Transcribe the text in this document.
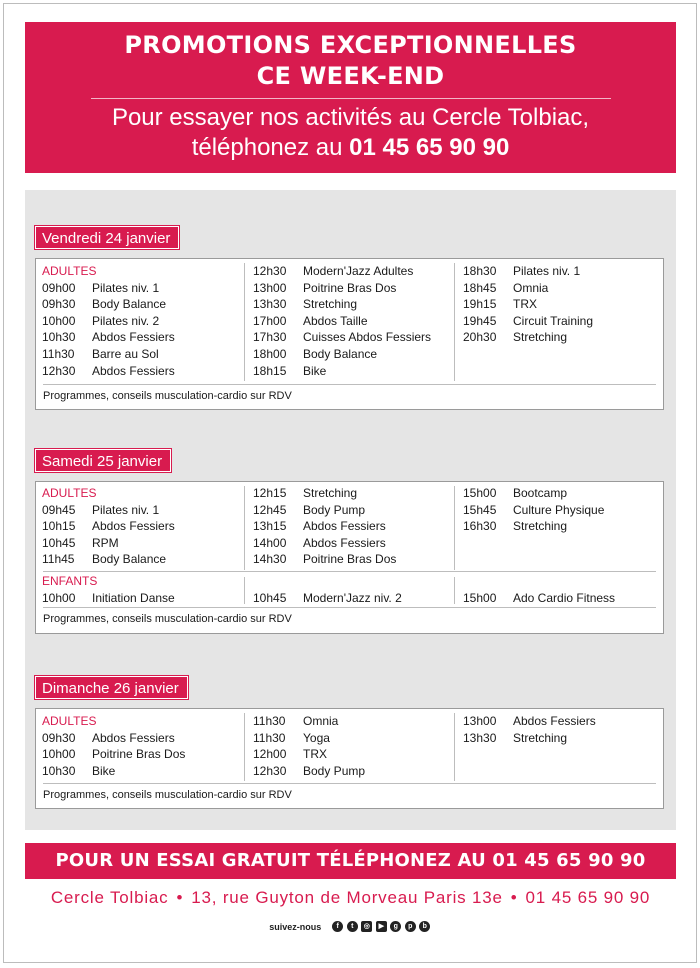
PROMOTIONS EXCEPTIONNELLES
CE WEEK-END
Pour essayer nos activités au Cercle Tolbiac,
téléphonez au 01 45 65 90 90
Vendredi 24 janvier
ADULTES
09h00 Pilates niv. 1
09h30 Body Balance
10h00 Pilates niv. 2
10h30 Abdos Fessiers
11h30 Barre au Sol
12h30 Abdos Fessiers
12h30 Modern'Jazz Adultes
13h00 Poitrine Bras Dos
13h30 Stretching
17h00 Abdos Taille
17h30 Cuisses Abdos Fessiers
18h00 Body Balance
18h15 Bike
18h30 Pilates niv. 1
18h45 Omnia
19h15 TRX
19h45 Circuit Training
20h30 Stretching
Programmes, conseils musculation-cardio sur RDV
Samedi 25 janvier
ADULTES
09h45 Pilates niv. 1
10h15 Abdos Fessiers
10h45 RPM
11h45 Body Balance
12h15 Stretching
12h45 Body Pump
13h15 Abdos Fessiers
14h00 Abdos Fessiers
14h30 Poitrine Bras Dos
15h00 Bootcamp
15h45 Culture Physique
16h30 Stretching
ENFANTS
10h00 Initiation Danse	10h45 Modern'Jazz niv. 2	15h00 Ado Cardio Fitness
Programmes, conseils musculation-cardio sur RDV
Dimanche 26 janvier
ADULTES
09h30 Abdos Fessiers
10h00 Poitrine Bras Dos
10h30 Bike
11h30 Omnia
11h30 Yoga
12h00 TRX
12h30 Body Pump
13h00 Abdos Fessiers
13h30 Stretching
Programmes, conseils musculation-cardio sur RDV
POUR UN ESSAI GRATUIT TÉLÉPHONEZ AU 01 45 65 90 90
Cercle Tolbiac • 13, rue Guyton de Morveau Paris 13e • 01 45 65 90 90
suivez-nous f t ◎ ▶ g p b
